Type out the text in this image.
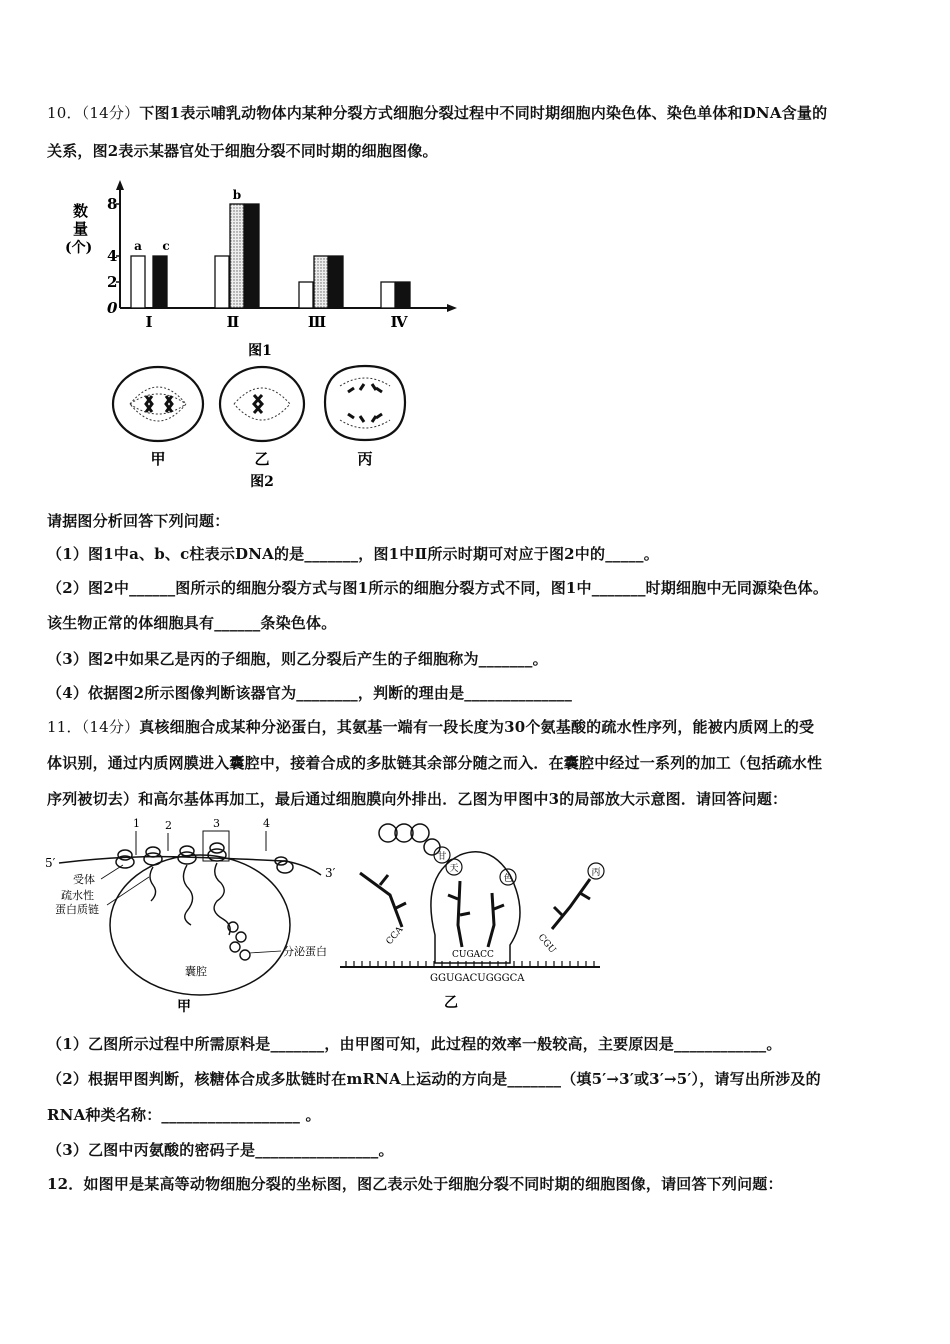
10．（14分）下图1表示哺乳动物体内某种分裂方式细胞分裂过程中不同时期细胞内染色体、染色单体和DNA含量的
关系，图2表示某器官处于细胞分裂不同时期的细胞图像。
数
量
(个)
8
4
2
0
Ⅰ	Ⅱ	Ⅲ	Ⅳ
a
b
c
图1
甲	乙	丙
图2
请据图分析回答下列问题：
（1）图1中a、b、c柱表示DNA的是_______，图1中Ⅱ所示时期可对应于图2中的_____。
（2）图2中______图所示的细胞分裂方式与图1所示的细胞分裂方式不同，图1中_______时期细胞中无同源染色体。
该生物正常的体细胞具有______条染色体。
（3）图2中如果乙是丙的子细胞，则乙分裂后产生的子细胞称为_______。
（4）依据图2所示图像判断该器官为________，判断的理由是______________
11．（14分）真核细胞合成某种分泌蛋白，其氨基一端有一段长度为30个氨基酸的疏水性序列，能被内质网上的受
体识别，通过内质网膜进入囊腔中，接着合成的多肽链其余部分随之而入．在囊腔中经过一系列的加工（包括疏水性
序列被切去）和高尔基体再加工，最后通过细胞膜向外排出．乙图为甲图中3的局部放大示意图．请回答问题：
1 2	3	4
5′
3′
受体
疏水性
蛋白质链
分泌蛋白
囊腔
甲
甘
天
色
丙
CCA
CUGACC	CGU
GGUGACUGGGCA
乙
（1）乙图所示过程中所需原料是_______，由甲图可知，此过程的效率一般较高，主要原因是____________。
（2）根据甲图判断，核糖体合成多肽链时在mRNA上运动的方向是_______（填5′→3′或3′→5′），请写出所涉及的
RNA种类名称：__________________ 。
（3）乙图中丙氨酸的密码子是________________。
12．如图甲是某高等动物细胞分裂的坐标图，图乙表示处于细胞分裂不同时期的细胞图像，请回答下列问题：
